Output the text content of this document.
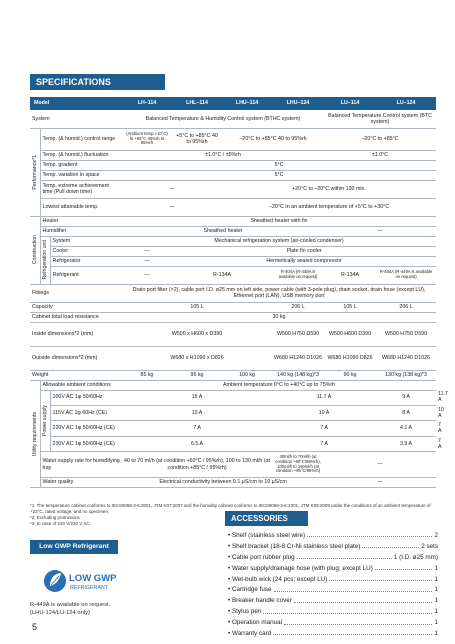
SPECIFICATIONS
Model			LH–114	LHL–114	LHU–114	LHU–124	LU–114	LU–124	
System			Balanced Temperature & Humidity Control system (BTHC system)				Balanced Temperature Control system (BTC system)		

Performance*1	Temp. (& humid.) control range		(Ambient temp.+10°C) to +85°C 40%rh to 95%rh	+5°C to +85°C 40 to 95%rh	–20°C to +85°C 40 to 95%rh		–20°C to +85°C		
	Temp. (& humid.) fluctuation		±1.0°C / ±5%rh				±1.0°C		
	Temp. gradient		5°C						
	Temp. variation in space		5°C						
	Temp. extreme achievement time (Pull down time)		—		+20°C to –20°C within 130 min.				
	Lowest attainable temp.		—		–20°C In an ambient temperature of +5°C to +30°C				

Construction	Heater		Sheathed heater with fin						
	Humidifier		Sheathed heater				—		

	Refrigeration unit	System	Mechanical refrigeration system (air-cooled condenser)						
		Cooler	—	Plate fin cooler					
		Refrigerator	—	Hermetically sealed compressor					
		Refrigerant	—	R-134A		R-404A (R-449A is available on request)	R-134A	R-404A (R-449A is available on request)	
Fittings			Drain port filter (×2), cable port I.D. ø25 mm on left side, power cable (with 3-pole plug), drain socket, drain hose (except LU), Ethernet port (LAN), USB memory port						
Capacity			105 L			206 L	105 L	206 L	
Cabinet total load resistance			30 kg						
Inside dimensions*2 (mm)			W500 x H600 x D390			W500 H750 D590	W500 H600 D390	W500 H750 D590	
Outside dimensions*2 (mm)			W680 x H1090 x D826			W680 H1240 D1026	W680 H1090 D826	W680 H1240 D1026	
Weight			85 kg	95 kg	100 kg	140 kg (148 kg)*3	90 kg	130 kg (138 kg)*3	

Utility requirements	Allowable ambient conditions		Ambient temperature 0°C to +40°C up to 75%rh						

	Power supply	100V AC 1φ 50/60Hz	15 A			11.7 A		9 A	11.7 A
		115V AC 1φ 60Hz (CE)	13 A			10 A		8 A	10 A
		220V AC 1φ 50/60Hz (CE)	7 A			7 A		4.1 A	7 A
		230V AC 1φ 50/60Hz (CE)	6.5 A			7 A		3.9 A	7 A
	Water supply rate for humidifying tray		40 to 70 ml/h (at condition +60°C / 95%rh), 100 to 130 ml/h (at condition +85°C / 95%rh)			40ml/h to 70ml/h (at condition +60°C/95%rh), 100ml/h to 150ml/h (at condition +85°C/95%rh)	—		
	Water quality		Electrical conductivity between 0.1 µS/cm to 10 µS/cm				—		
*1: The temperature cabinet conforms to IEC60068-3-5:2001, JTM K07:2007 and the humidity cabinet conforms to IEC60068-3-6:2001, JTM K09:2009 under the conditions of an ambient temperature of +23°C, rated voltage, and no specimen.
*2: Excluding protrusions
*3: In case of 220 V/230 V AC
Low GWP Refrigerant
LOW GWP
REFRIGERANT
R-449A is available on request.
(LHU-124/LU-124 only)
ACCESSORIES
• Shelf (stainless steel wire)	2
• Shelf bracket (18-8 Cr-Ni stainless steel plate)	2 sets
• Cable port rubber plug	1 (I.D. ø25 mm)
• Water supply/drainage hose (with plug; except LU)	1
• Wet-bulb wick (24 pcs; except LU)	1
• Cartridge fuse	1
• Breaker handle cover	1
• Stylus pen	1
• Operation manual	1
• Warranty card	1
5
